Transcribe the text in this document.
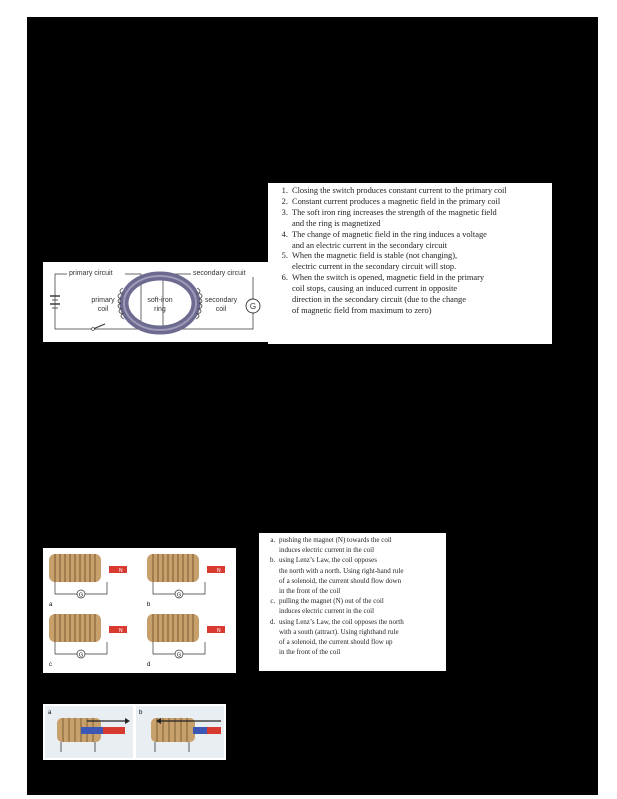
G
primary circuit	secondary circuit
primary
coil
soft-iron
ring
secondary
coil
1. Closing the switch produces constant current to the primary coil
2. Constant current produces a magnetic field in the primary coil
3. The soft iron ring increases the strength of the magnetic field
and the ring is magnetized
4. The change of magnetic field in the ring induces a voltage
and an electric current in the secondary circuit
5. When the magnetic field is stable (not changing),
electric current in the secondary circuit will stop.
6. When the switch is opened, magnetic field in the primary
coil stops, causing an induced current in opposite
direction in the secondary circuit (due to the change
of magnetic field from maximum to zero)
G
N
a
G
N
b
G
N
c
G
N
d
a. pushing the magnet (N) towards the coil
induces electric current in the coil
b. using Lenz’s Law, the coil opposes
the north with a north. Using right-hand rule
of a solenoid, the current should flow down
in the front of the coil
c. pulling the magnet (N) out of the coil
induces electric current in the coil
d. using Lenz’s Law, the coil opposes the north
with a south (attract). Using righthand rule
of a solenoid, the current should flow up
in the front of the coil
a	b
